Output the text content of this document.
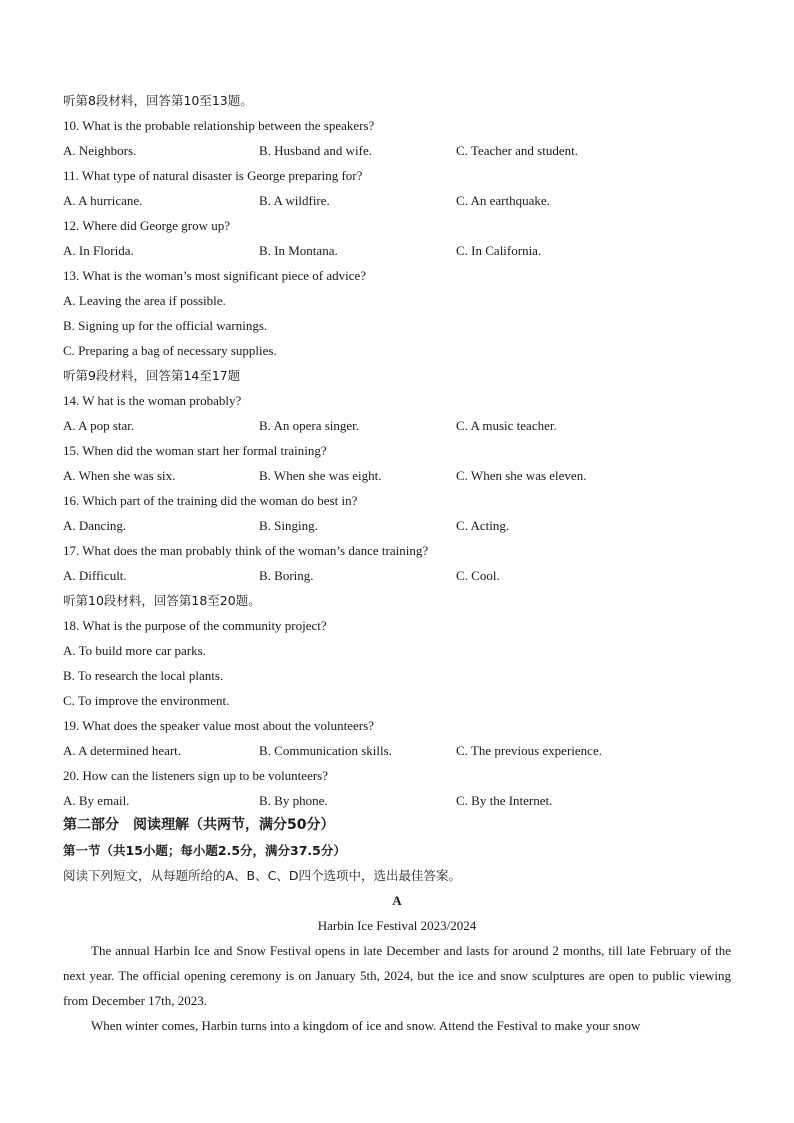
听第8段材料，回答第10至13题。
10. What is the probable relationship between the speakers?
A. Neighbors.	B. Husband and wife.	C. Teacher and student.
11. What type of natural disaster is George preparing for?
A. A hurricane.	B. A wildfire.	C. An earthquake.
12. Where did George grow up?
A. In Florida.	B. In Montana.	C. In California.
13. What is the woman’s most significant piece of advice?
A. Leaving the area if possible.
B. Signing up for the official warnings.
C. Preparing a bag of necessary supplies.
听第9段材料，回答第14至17题
14. W hat is the woman probably?
A. A pop star.	B. An opera singer.	C. A music teacher.
15. When did the woman start her formal training?
A. When she was six.	B. When she was eight.	C. When she was eleven.
16. Which part of the training did the woman do best in?
A. Dancing.	B. Singing.	C. Acting.
17. What does the man probably think of the woman’s dance training?
A. Difficult.	B. Boring.	C. Cool.
听第10段材料，回答第18至20题。
18. What is the purpose of the community project?
A. To build more car parks.
B. To research the local plants.
C. To improve the environment.
19. What does the speaker value most about the volunteers?
A. A determined heart.	B. Communication skills.	C. The previous experience.
20. How can the listeners sign up to be volunteers?
A. By email.	B. By phone.	C. By the Internet.
第二部分　阅读理解（共两节，满分50分）
第一节（共15小题；每小题2.5分，满分37.5分）
阅读下列短文，从每题所给的A、B、C、D四个选项中，选出最佳答案。
A
Harbin Ice Festival 2023/2024

The annual Harbin Ice and Snow Festival opens in late December and lasts for around 2 months, till late February of the next year. The official opening ceremony is on January 5th, 2024, but the ice and snow sculptures are open to public viewing from December 17th, 2023.

When winter comes, Harbin turns into a kingdom of ice and snow. Attend the Festival to make your snow
